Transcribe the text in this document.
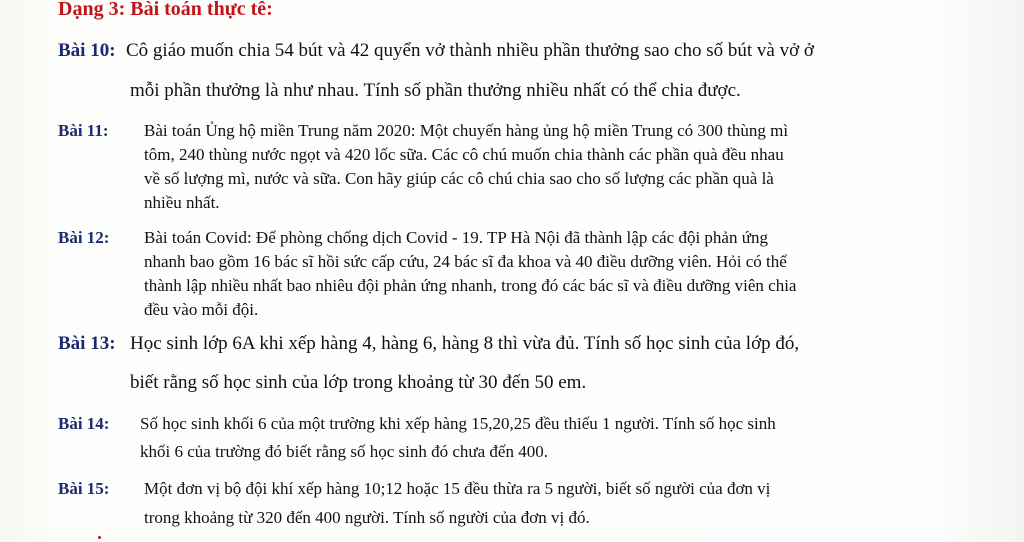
Dạng 3: Bài toán thực tê:
Bài 10: Cô giáo muốn chia 54 bút và 42 quyển vở thành nhiều phần thưởng sao cho số bút và vở ở
mỗi phần thưởng là như nhau. Tính số phần thưởng nhiều nhất có thể chia được.
Bài 11: Bài toán Ủng hộ miền Trung năm 2020: Một chuyến hàng ủng hộ miền Trung có 300 thùng mì
tôm, 240 thùng nước ngọt và 420 lốc sữa. Các cô chú muốn chia thành các phần quà đều nhau
về số lượng mì, nước và sữa. Con hãy giúp các cô chú chia sao cho số lượng các phần quà là
nhiều nhất.
Bài 12: Bài toán Covid: Để phòng chống dịch Covid - 19. TP Hà Nội đã thành lập các đội phản ứng
nhanh bao gồm 16 bác sĩ hồi sức cấp cứu, 24 bác sĩ đa khoa và 40 điều dưỡng viên. Hỏi có thể
thành lập nhiều nhất bao nhiêu đội phản ứng nhanh, trong đó các bác sĩ và điều dưỡng viên chia
đều vào mỗi đội.
Bài 13: Học sinh lớp 6A khi xếp hàng 4, hàng 6, hàng 8 thì vừa đủ. Tính số học sinh của lớp đó,
biết rằng số học sinh của lớp trong khoảng từ 30 đến 50 em.
Bài 14: Số học sinh khối 6 của một trường khi xếp hàng 15,20,25 đều thiếu 1 người. Tính số học sinh
khối 6 của trường đó biết rằng số học sinh đó chưa đến 400.
Bài 15: Một đơn vị bộ đội khí xếp hàng 10;12 hoặc 15 đều thừa ra 5 người, biết số người của đơn vị
trong khoảng từ 320 đến 400 người. Tính số người của đơn vị đó.
